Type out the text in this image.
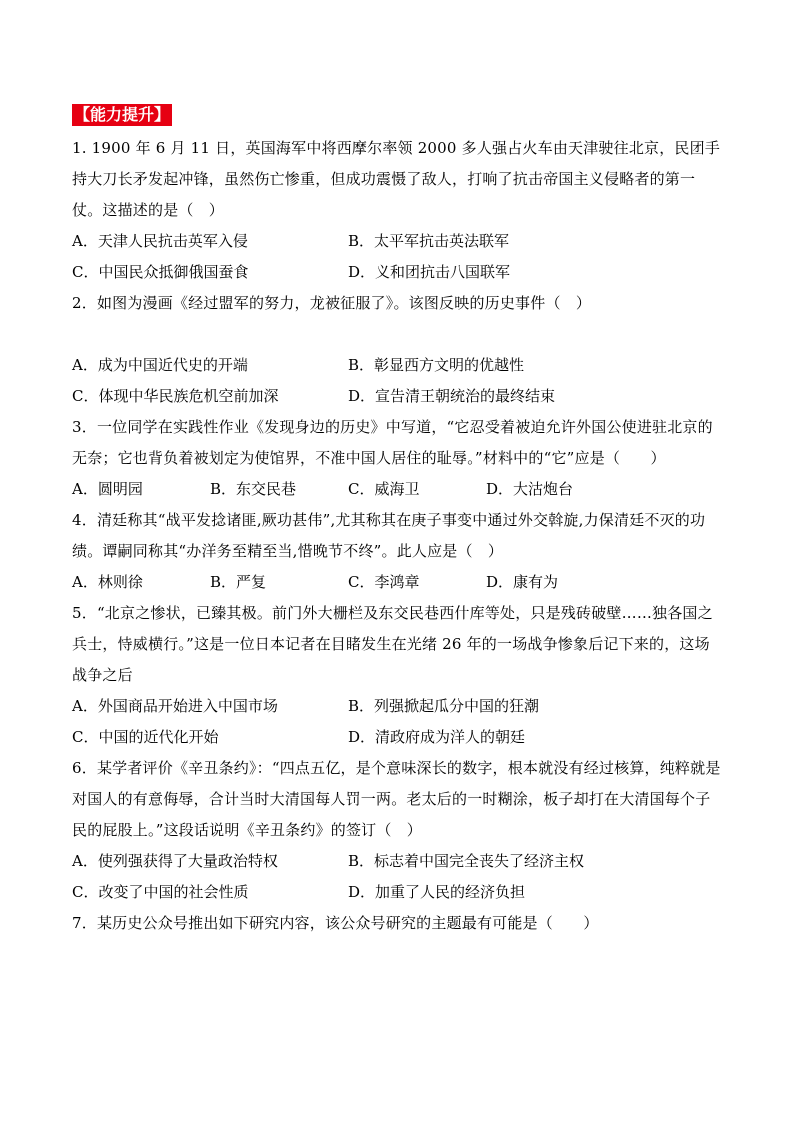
【能力提升】

1. 1900 年 6 月 11 日，英国海军中将西摩尔率领 2000 多人强占火车由天津驶往北京，民团手持大刀长矛发起冲锋，虽然伤亡惨重，但成功震慑了敌人，打响了抗击帝国主义侵略者的第一仗。这描述的是（　）

A．天津人民抗击英军入侵	B．太平军抗击英法联军
C．中国民众抵御俄国蚕食	D．义和团抗击八国联军

2．如图为漫画《经过盟军的努力，龙被征服了》。该图反映的历史事件（　）

A．成为中国近代史的开端	B．彰显西方文明的优越性
C．体现中华民族危机空前加深	D．宣告清王朝统治的最终结束

3．一位同学在实践性作业《发现身边的历史》中写道，“它忍受着被迫允许外国公使进驻北京的无奈；它也背负着被划定为使馆界，不准中国人居住的耻辱。”材料中的“它”应是（　　）

A．圆明园	B．东交民巷	C．威海卫	D．大沽炮台

4．清廷称其“战平发捻诸匪,厥功甚伟”,尤其称其在庚子事变中通过外交斡旋,力保清廷不灭的功绩。谭嗣同称其“办洋务至精至当,惜晚节不终”。此人应是（　）

A．林则徐	B．严复	C．李鸿章	D．康有为

5．“北京之惨状，已臻其极。前门外大栅栏及东交民巷西什库等处，只是残砖破壁……独各国之兵士，恃威横行。”这是一位日本记者在目睹发生在光绪 26 年的一场战争惨象后记下来的，这场战争之后

A．外国商品开始进入中国市场	B．列强掀起瓜分中国的狂潮
C．中国的近代化开始	D．清政府成为洋人的朝廷

6．某学者评价《辛丑条约》：“四点五亿，是个意味深长的数字，根本就没有经过核算，纯粹就是对国人的有意侮辱，合计当时大清国每人罚一两。老太后的一时糊涂，板子却打在大清国每个子民的屁股上。”这段话说明《辛丑条约》的签订（　）

A．使列强获得了大量政治特权	B．标志着中国完全丧失了经济主权
C．改变了中国的社会性质	D．加重了人民的经济负担

7．某历史公众号推出如下研究内容，该公众号研究的主题最有可能是（　　）
